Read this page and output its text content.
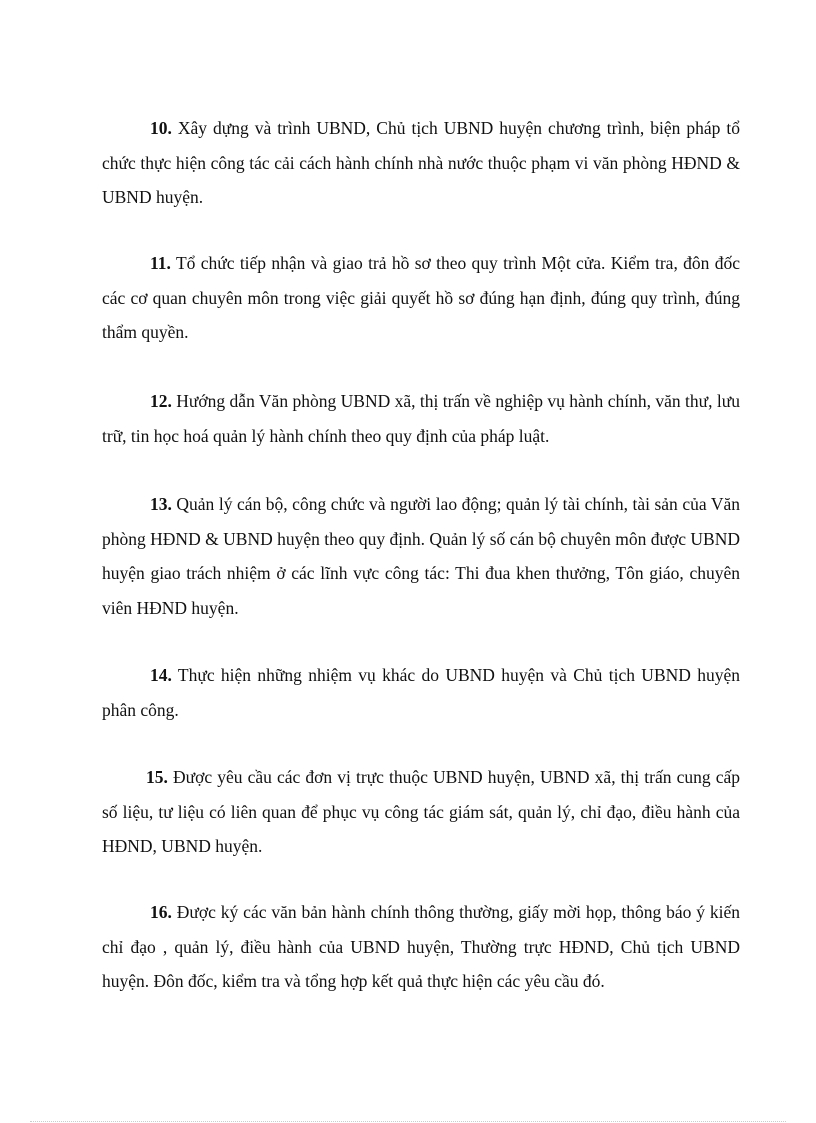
10. Xây dựng và trình UBND, Chủ tịch UBND huyện chương trình, biện pháp tổ chức thực hiện công tác cải cách hành chính nhà nước thuộc phạm vi văn phòng HĐND & UBND huyện.

11. Tổ chức tiếp nhận và giao trả hồ sơ theo quy trình Một cửa. Kiểm tra, đôn đốc các cơ quan chuyên môn trong việc giải quyết hồ sơ đúng hạn định, đúng quy trình, đúng thẩm quyền.

12. Hướng dẫn Văn phòng UBND xã, thị trấn về nghiệp vụ hành chính, văn thư, lưu trữ, tin học hoá quản lý hành chính theo quy định của pháp luật.

13. Quản lý cán bộ, công chức và người lao động; quản lý tài chính, tài sản của Văn phòng HĐND & UBND huyện theo quy định. Quản lý số cán bộ chuyên môn được UBND huyện giao trách nhiệm ở các lĩnh vực công tác: Thi đua khen thưởng, Tôn giáo, chuyên viên HĐND huyện.

14. Thực hiện những nhiệm vụ khác do UBND huyện và Chủ tịch UBND huyện phân công.

15. Được yêu cầu các đơn vị trực thuộc UBND huyện, UBND xã, thị trấn cung cấp số liệu, tư liệu có liên quan để phục vụ công tác giám sát, quản lý, chỉ đạo, điều hành của HĐND, UBND huyện.

16. Được ký các văn bản hành chính thông thường, giấy mời họp, thông báo ý kiến chỉ đạo , quản lý, điều hành của UBND huyện, Thường trực HĐND, Chủ tịch UBND huyện. Đôn đốc, kiểm tra và tổng hợp kết quả thực hiện các yêu cầu đó.
